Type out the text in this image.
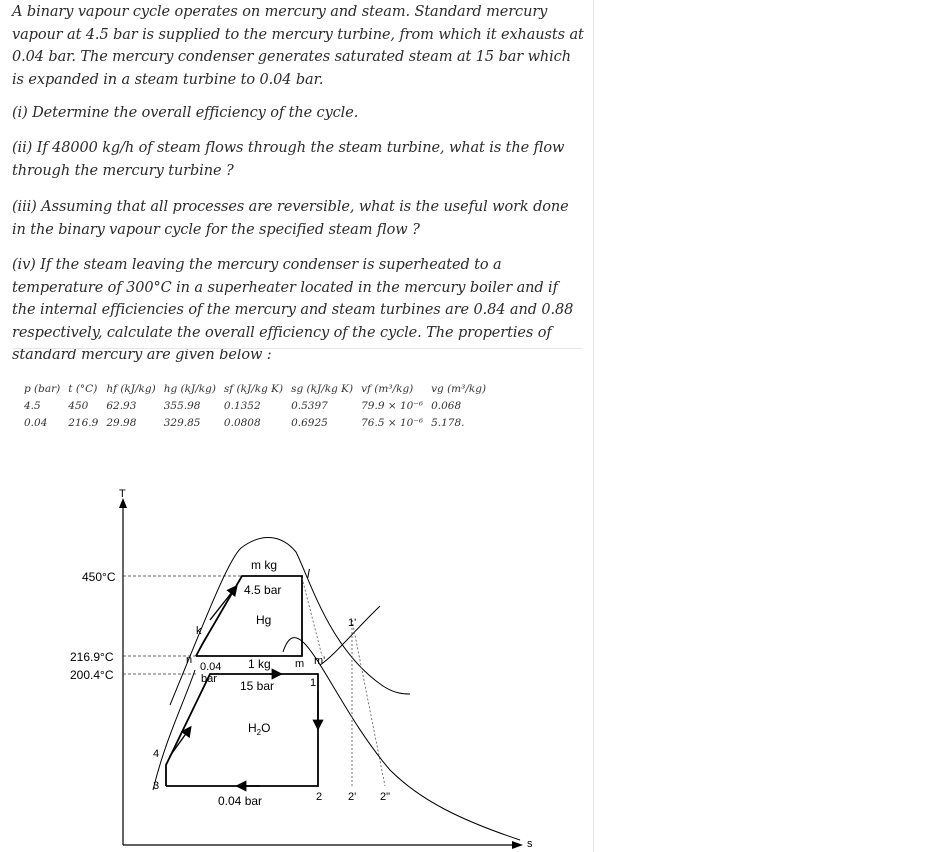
A binary vapour cycle operates on mercury and steam. Standard mercury vapour at 4.5 bar is supplied to the mercury turbine, from which it exhausts at 0.04 bar. The mercury condenser generates saturated steam at 15 bar which is expanded in a steam turbine to 0.04 bar.

(i) Determine the overall efficiency of the cycle.

(ii) If 48000 kg/h of steam flows through the steam turbine, what is the flow through the mercury turbine ?

(iii) Assuming that all processes are reversible, what is the useful work done in the binary vapour cycle for the specified steam flow ?

(iv) If the steam leaving the mercury condenser is superheated to a temperature of 300°C in a superheater located in the mercury boiler and if the internal efficiencies of the mercury and steam turbines are 0.84 and 0.88 respectively, calculate the overall efficiency of the cycle. The properties of standard mercury are given below :

p (bar)	t (°C)	hf (kJ/kg)	hg (kJ/kg)	sf (kJ/kg K)	sg (kJ/kg K)	vf (m³/kg)	vg (m³/kg)
4.5	450	62.93	355.98	0.1352	0.5397	79.9 × 10⁻⁶	0.068
0.04	216.9	29.98	329.85	0.0808	0.6925	76.5 × 10⁻⁶	5.178.
T
s
450°C
216.9°C
200.4°C
m kg
4.5 bar
Hg
0.04
bar
1 kg
15 bar
$H_2O$
0.04 bar
l
k
n	m m'
1
1'
2 2' 2"
3
4
